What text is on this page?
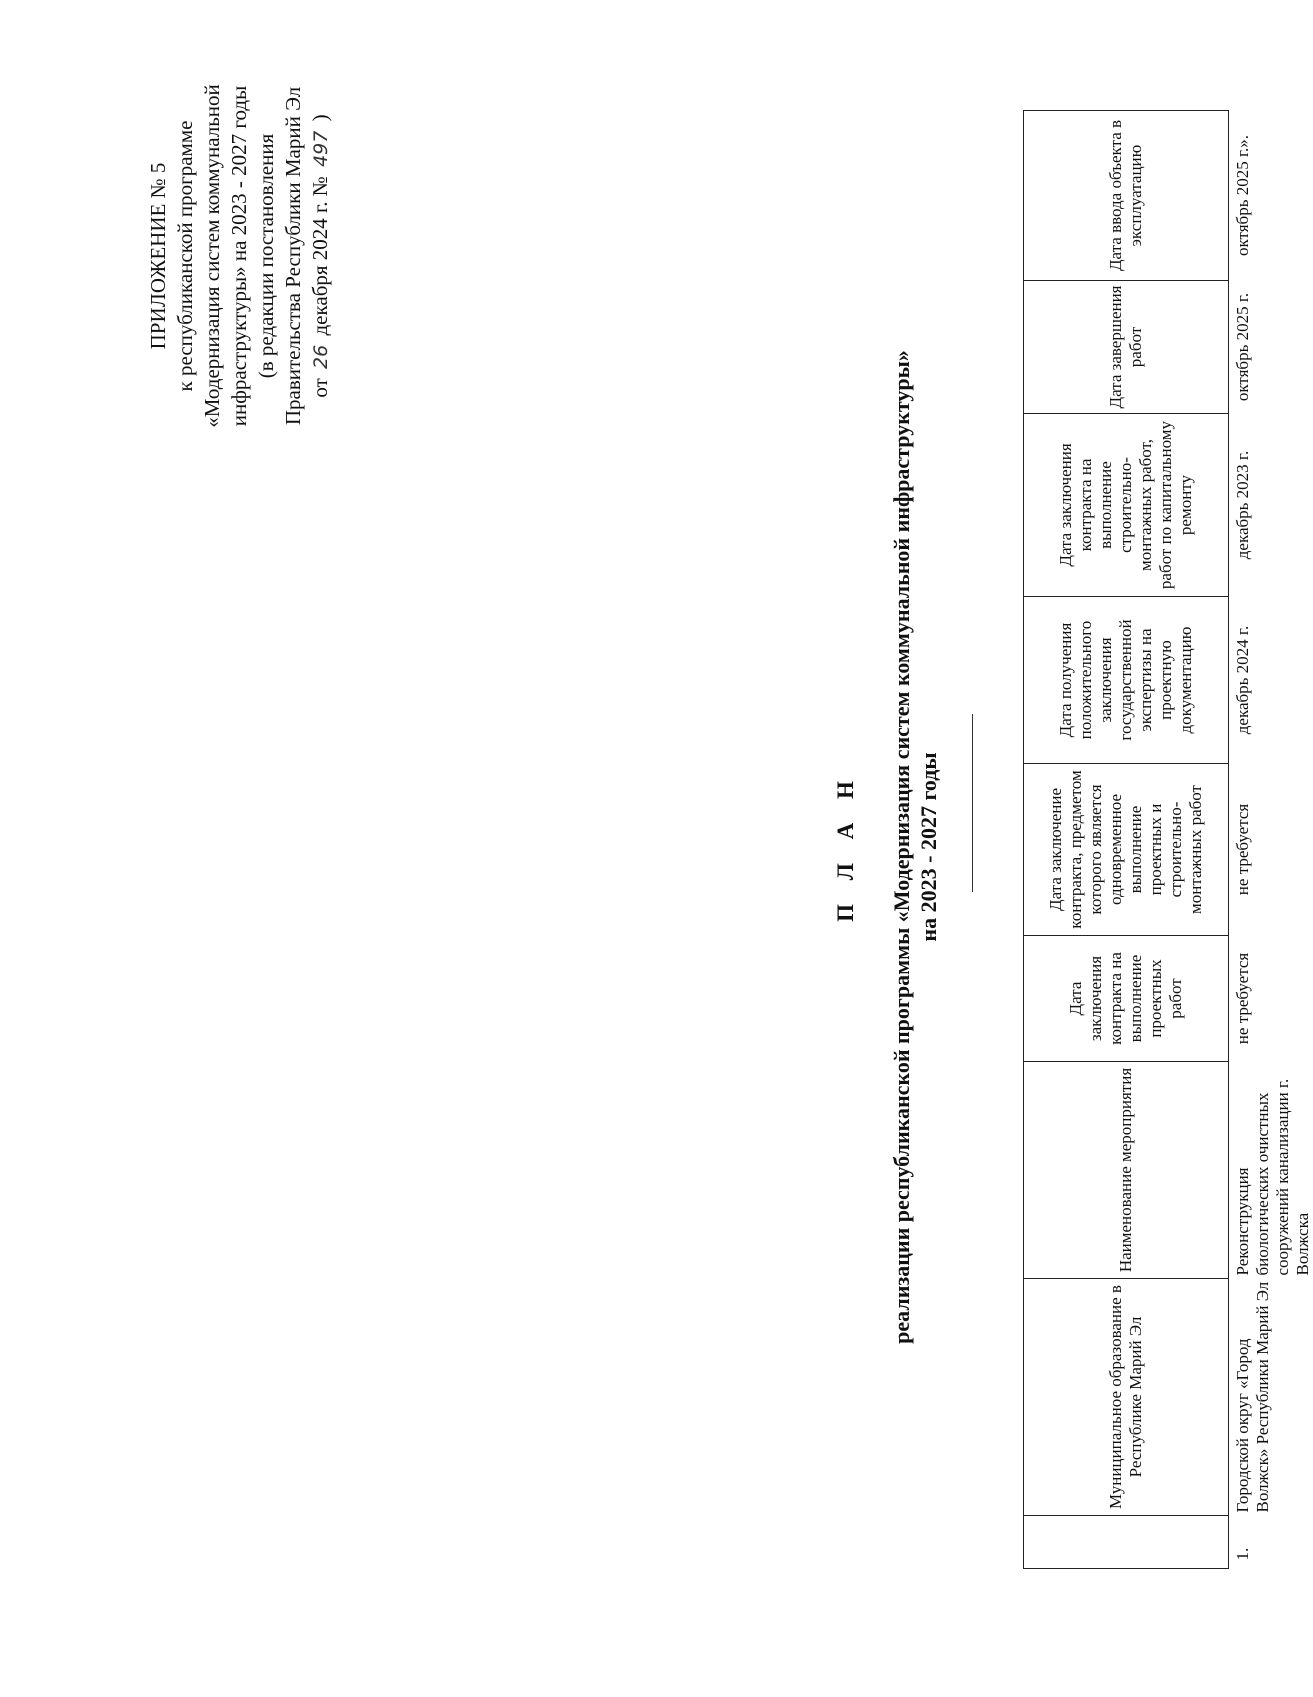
ПРИЛОЖЕНИЕ № 5 к республиканской программе «Модернизация систем коммунальной инфраструктуры» на 2023 - 2027 годы (в редакции постановления Правительства Республики Марий Эл от 26 декабря 2024 г. № 497 )
П Л А Н реализации республиканской программы «Модернизация систем коммунальной инфраструктуры» на 2023 - 2027 годы
	Муниципальное образование в Республике Марий Эл	Наименование мероприятия	Дата заключения контракта на выполнение проектных работ	Дата заключение контракта, предметом которого является одновременное выполнение проектных и строительно-монтажных работ	Дата получения положительного заключения государственной экспертизы на проектную документацию	Дата заключения контракта на выполнение строительно-монтажных работ, работ по капитальному ремонту	Дата завершения работ	Дата ввода объекта в эксплуатацию
1.	Городской округ «Город Волжск» Республики Марий Эл	Реконструкция биологических очистных сооружений канализации г. Волжска	не требуется	не требуется	декабрь 2024 г.	декабрь 2023 г.	октябрь 2025 г.	октябрь 2025 г.».
